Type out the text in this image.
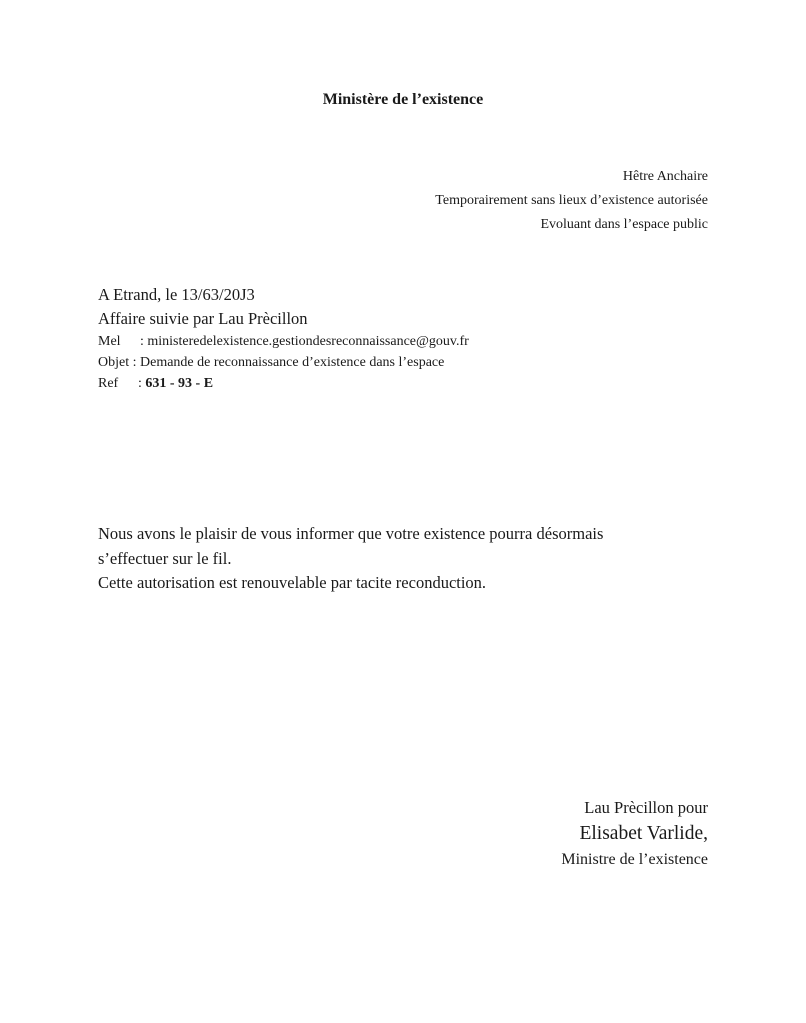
Ministère de l’existence
Hêtre Anchaire
Temporairement sans lieux d’existence autorisée
Evoluant dans l’espace public
A Etrand, le 13/63/20J3
Affaire suivie par Lau Prècillon
Mel : ministeredelexistence.gestiondesreconnaissance@gouv.fr
Objet : Demande de reconnaissance d’existence dans l’espace
Ref : 631 - 93 - E
Nous avons le plaisir de vous informer que votre existence pourra désormais
s’effectuer sur le fil.
Cette autorisation est renouvelable par tacite reconduction.
Lau Prècillon pour
Elisabet Varlide,
Ministre de l’existence
